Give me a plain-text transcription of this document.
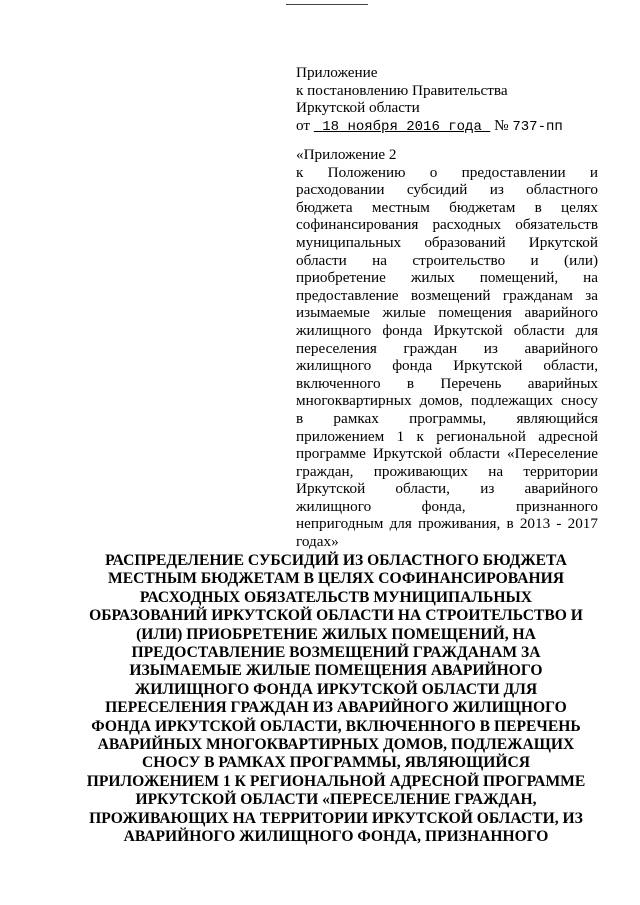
Приложение
к постановлению Правительства
Иркутской области
от 18 ноября 2016 года № 737-пп
«Приложение 2
к Положению о предоставлении и
расходовании субсидий из областного
бюджета местным бюджетам в целях
софинансирования расходных обязательств
муниципальных образований Иркутской
области на строительство и (или)
приобретение жилых помещений, на
предоставление возмещений гражданам за
изымаемые жилые помещения аварийного
жилищного фонда Иркутской области для
переселения граждан из аварийного
жилищного фонда Иркутской области,
включенного в Перечень аварийных
многоквартирных домов, подлежащих сносу
в рамках программы, являющийся
приложением 1 к региональной адресной
программе Иркутской области «Переселение
граждан, проживающих на территории
Иркутской области, из аварийного
жилищного фонда, признанного
непригодным для проживания, в 2013 - 2017
годах»
РАСПРЕДЕЛЕНИЕ СУБСИДИЙ ИЗ ОБЛАСТНОГО БЮДЖЕТА
МЕСТНЫМ БЮДЖЕТАМ В ЦЕЛЯХ СОФИНАНСИРОВАНИЯ
РАСХОДНЫХ ОБЯЗАТЕЛЬСТВ МУНИЦИПАЛЬНЫХ
ОБРАЗОВАНИЙ ИРКУТСКОЙ ОБЛАСТИ НА СТРОИТЕЛЬСТВО И
(ИЛИ) ПРИОБРЕТЕНИЕ ЖИЛЫХ ПОМЕЩЕНИЙ, НА
ПРЕДОСТАВЛЕНИЕ ВОЗМЕЩЕНИЙ ГРАЖДАНАМ ЗА
ИЗЫМАЕМЫЕ ЖИЛЫЕ ПОМЕЩЕНИЯ АВАРИЙНОГО
ЖИЛИЩНОГО ФОНДА ИРКУТСКОЙ ОБЛАСТИ ДЛЯ
ПЕРЕСЕЛЕНИЯ ГРАЖДАН ИЗ АВАРИЙНОГО ЖИЛИЩНОГО
ФОНДА ИРКУТСКОЙ ОБЛАСТИ, ВКЛЮЧЕННОГО В ПЕРЕЧЕНЬ
АВАРИЙНЫХ МНОГОКВАРТИРНЫХ ДОМОВ, ПОДЛЕЖАЩИХ
СНОСУ В РАМКАХ ПРОГРАММЫ, ЯВЛЯЮЩИЙСЯ
ПРИЛОЖЕНИЕМ 1 К РЕГИОНАЛЬНОЙ АДРЕСНОЙ ПРОГРАММЕ
ИРКУТСКОЙ ОБЛАСТИ «ПЕРЕСЕЛЕНИЕ ГРАЖДАН,
ПРОЖИВАЮЩИХ НА ТЕРРИТОРИИ ИРКУТСКОЙ ОБЛАСТИ, ИЗ
АВАРИЙНОГО ЖИЛИЩНОГО ФОНДА, ПРИЗНАННОГО
